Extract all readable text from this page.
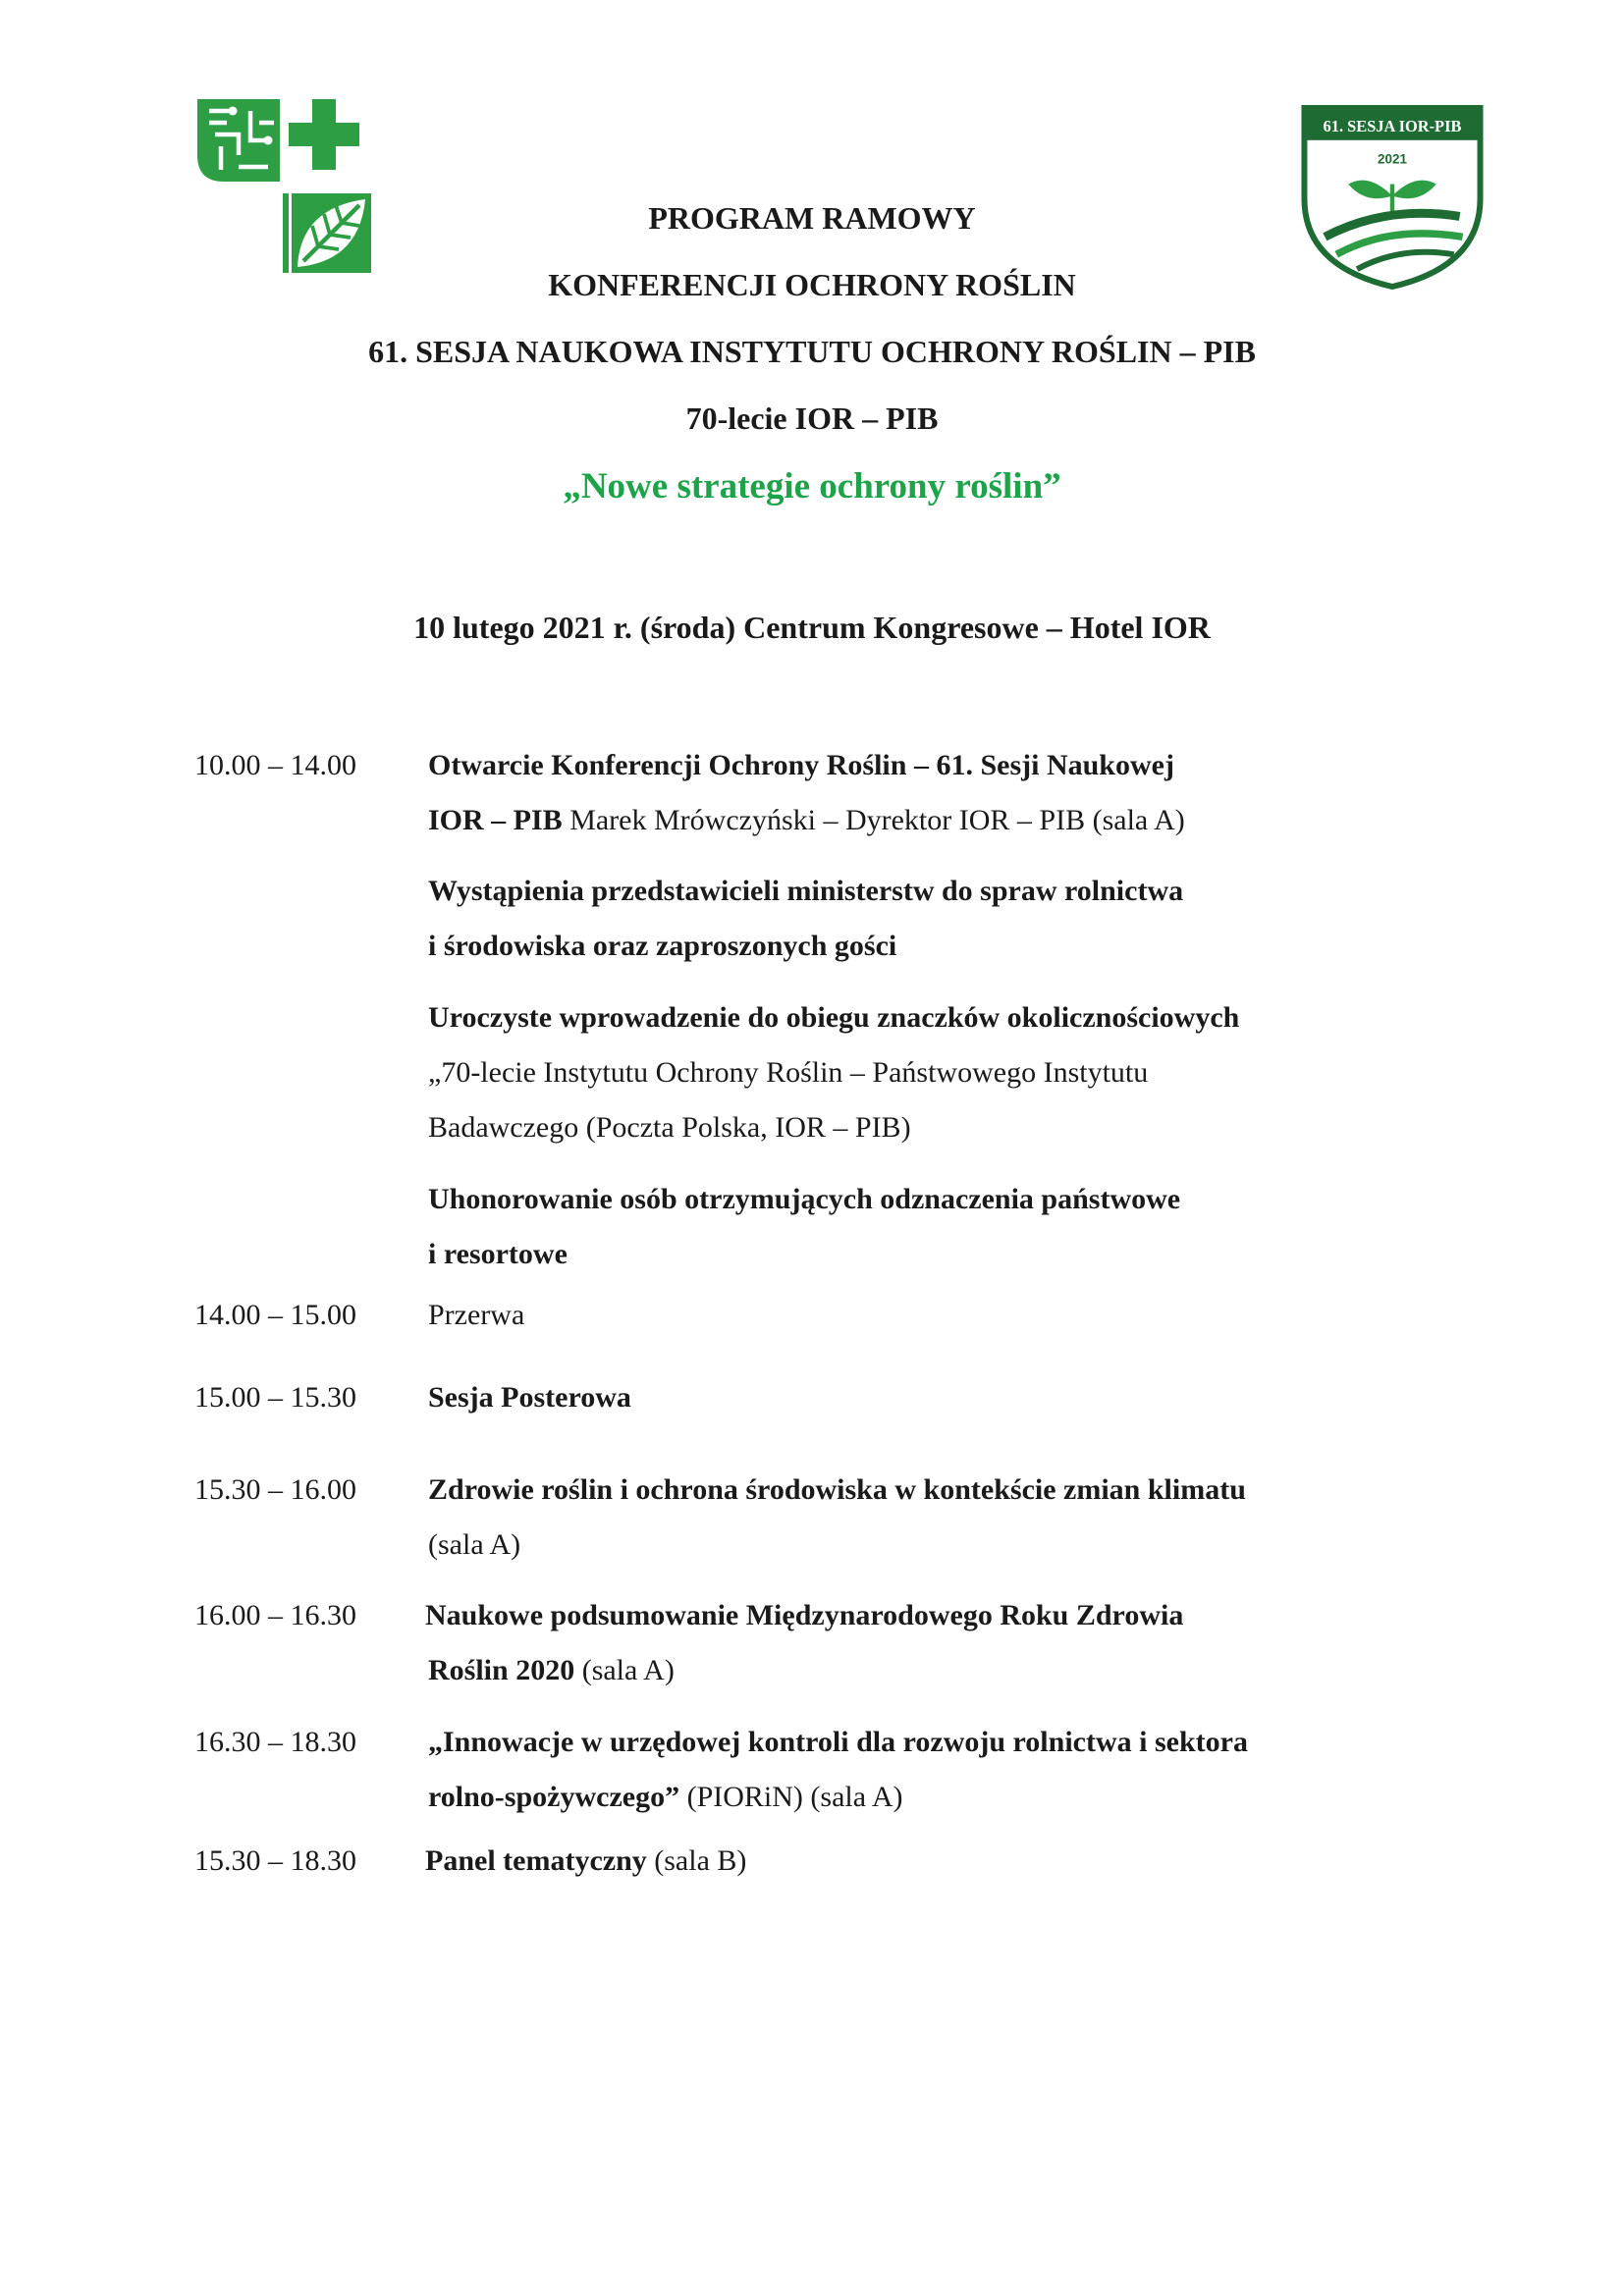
61. SESJA IOR-PIB
2021
PROGRAM RAMOWY
KONFERENCJI OCHRONY ROŚLIN
61. SESJA NAUKOWA INSTYTUTU OCHRONY ROŚLIN – PIB
70-lecie IOR – PIB
„Nowe strategie ochrony roślin”
10 lutego 2021 r. (środa) Centrum Kongresowe – Hotel IOR
10.00 – 14.00 Otwarcie Konferencji Ochrony Roślin – 61. Sesji Naukowej
IOR – PIB Marek Mrówczyński – Dyrektor IOR – PIB (sala A)
Wystąpienia przedstawicieli ministerstw do spraw rolnictwa
i środowiska oraz zaproszonych gości
Uroczyste wprowadzenie do obiegu znaczków okolicznościowych
„70-lecie Instytutu Ochrony Roślin – Państwowego Instytutu
Badawczego (Poczta Polska, IOR – PIB)
Uhonorowanie osób otrzymujących odznaczenia państwowe
i resortowe
14.00 – 15.00 Przerwa
15.00 – 15.30 Sesja Posterowa
15.30 – 16.00 Zdrowie roślin i ochrona środowiska w kontekście zmian klimatu
(sala A)
16.00 – 16.30 Naukowe podsumowanie Międzynarodowego Roku Zdrowia
Roślin 2020 (sala A)
16.30 – 18.30 „Innowacje w urzędowej kontroli dla rozwoju rolnictwa i sektora
rolno-spożywczego” (PIORiN) (sala A)
15.30 – 18.30 Panel tematyczny (sala B)
